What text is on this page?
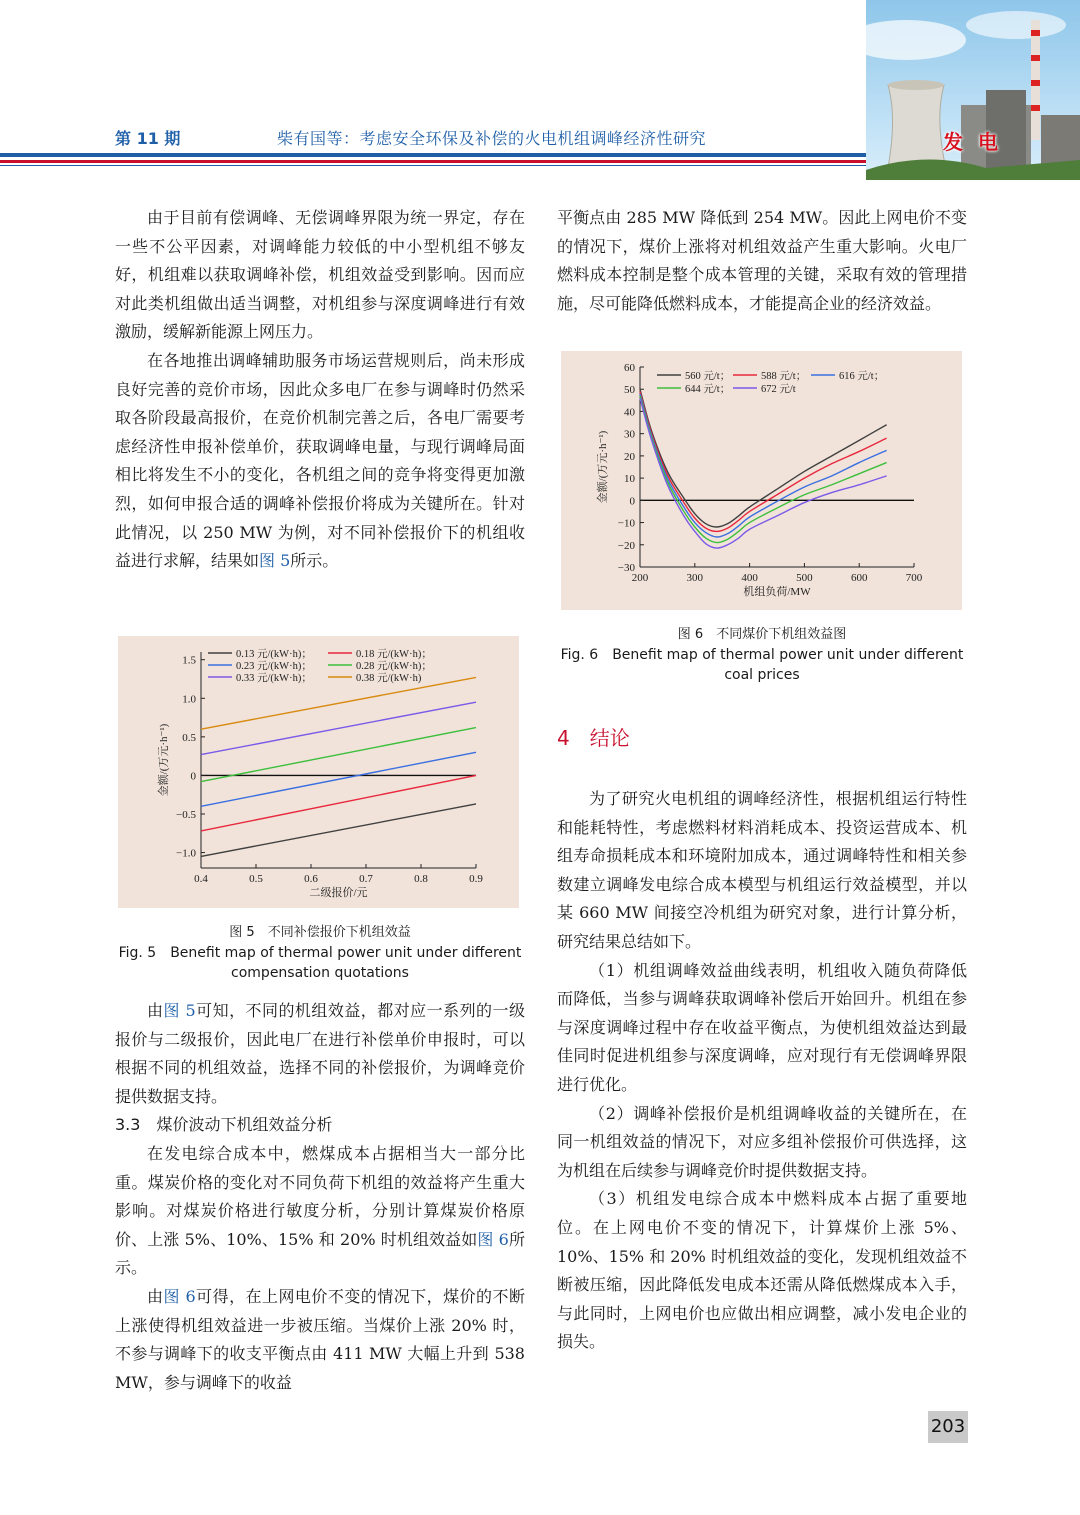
第 11 期	柴有国等：考虑安全环保及补偿的火电机组调峰经济性研究	发 电

由于目前有偿调峰、无偿调峰界限为统一界定，存在一些不公平因素，对调峰能力较低的中小型机组不够友好，机组难以获取调峰补偿，机组效益受到影响。因而应对此类机组做出适当调整，对机组参与深度调峰进行有效激励，缓解新能源上网压力。

在各地推出调峰辅助服务市场运营规则后，尚未形成良好完善的竞价市场，因此众多电厂在参与调峰时仍然采取各阶段最高报价，在竞价机制完善之后，各电厂需要考虑经济性申报补偿单价，获取调峰电量，与现行调峰局面相比将发生不小的变化，各机组之间的竞争将变得更加激烈，如何申报合适的调峰补偿报价将成为关键所在。针对此情况，以 250 MW 为例，对不同补偿报价下的机组收益进行求解，结果如图 5所示。

0.4	0.5	0.6	0.7	0.8	0.9
−1.0
−0.5
0
0.5
1.0
1.5
二级报价/元
金额/(万元·h⁻¹)
0.13 元/(kW·h)；	0.18 元/(kW·h)；
0.23 元/(kW·h)；	0.28 元/(kW·h)；
0.33 元/(kW·h)；	0.38 元/(kW·h)
图 5　不同补偿报价下机组效益
Fig. 5　Benefit map of thermal power unit under different compensation quotations

由图 5可知，不同的机组效益，都对应一系列的一级报价与二级报价，因此电厂在进行补偿单价申报时，可以根据不同的机组效益，选择不同的补偿报价，为调峰竞价提供数据支持。

3.3　煤价波动下机组效益分析

在发电综合成本中，燃煤成本占据相当大一部分比重。煤炭价格的变化对不同负荷下机组的效益将产生重大影响。对煤炭价格进行敏度分析，分别计算煤炭价格原价、上涨 5%、10%、15% 和 20% 时机组效益如图 6所示。

由图 6可得，在上网电价不变的情况下，煤价的不断上涨使得机组效益进一步被压缩。当煤价上涨 20% 时，不参与调峰下的收支平衡点由 411 MW 大幅上升到 538 MW，参与调峰下的收益

平衡点由 285 MW 降低到 254 MW。因此上网电价不变的情况下，煤价上涨将对机组效益产生重大影响。火电厂燃料成本控制是整个成本管理的关键，采取有效的管理措施，尽可能降低燃料成本，才能提高企业的经济效益。

200	300	400	500	600	700
−30
−20
−10
0
10
20
30
40
50
60
机组负荷/MW
金额/(万元·h⁻¹)
560 元/t；	588 元/t；	616 元/t；
644 元/t；	672 元/t
图 6　不同煤价下机组效益图
Fig. 6　Benefit map of thermal power unit under different coal prices

4　结论

为了研究火电机组的调峰经济性，根据机组运行特性和能耗特性，考虑燃料材料消耗成本、投资运营成本、机组寿命损耗成本和环境附加成本，通过调峰特性和相关参数建立调峰发电综合成本模型与机组运行效益模型，并以某 660 MW 间接空冷机组为研究对象，进行计算分析，研究结果总结如下。

（1）机组调峰效益曲线表明，机组收入随负荷降低而降低，当参与调峰获取调峰补偿后开始回升。机组在参与深度调峰过程中存在收益平衡点，为使机组效益达到最佳同时促进机组参与深度调峰，应对现行有无偿调峰界限进行优化。

（2）调峰补偿报价是机组调峰收益的关键所在，在同一机组效益的情况下，对应多组补偿报价可供选择，这为机组在后续参与调峰竞价时提供数据支持。

（3）机组发电综合成本中燃料成本占据了重要地位。在上网电价不变的情况下，计算煤价上涨 5%、10%、15% 和 20% 时机组效益的变化，发现机组效益不断被压缩，因此降低发电成本还需从降低燃煤成本入手，与此同时，上网电价也应做出相应调整，减小发电企业的损失。

203
